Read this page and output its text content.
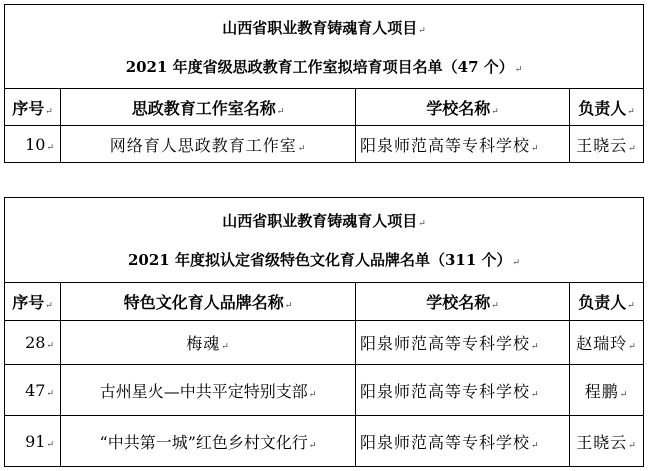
山西省职业教育铸魂育人项目↵
2021 年度省级思政教育工作室拟培育项目名单（47 个）↵			

序号↵	思政教育工作室名称↵	学校名称↵	负责人↵
10↵	网络育人思政教育工作室↵	阳泉师范高等专科学校↵	王晓云↵
山西省职业教育铸魂育人项目↵
2021 年度拟认定省级特色文化育人品牌名单（311 个）↵			

序号↵	特色文化育人品牌名称↵	学校名称↵	负责人↵
28↵	梅魂↵	阳泉师范高等专科学校↵	赵瑞玲↵
47↵	古州星火—中共平定特别支部↵	阳泉师范高等专科学校↵	程鹏↵
91↵	“中共第一城”红色乡村文化行↵	阳泉师范高等专科学校↵	王晓云↵
